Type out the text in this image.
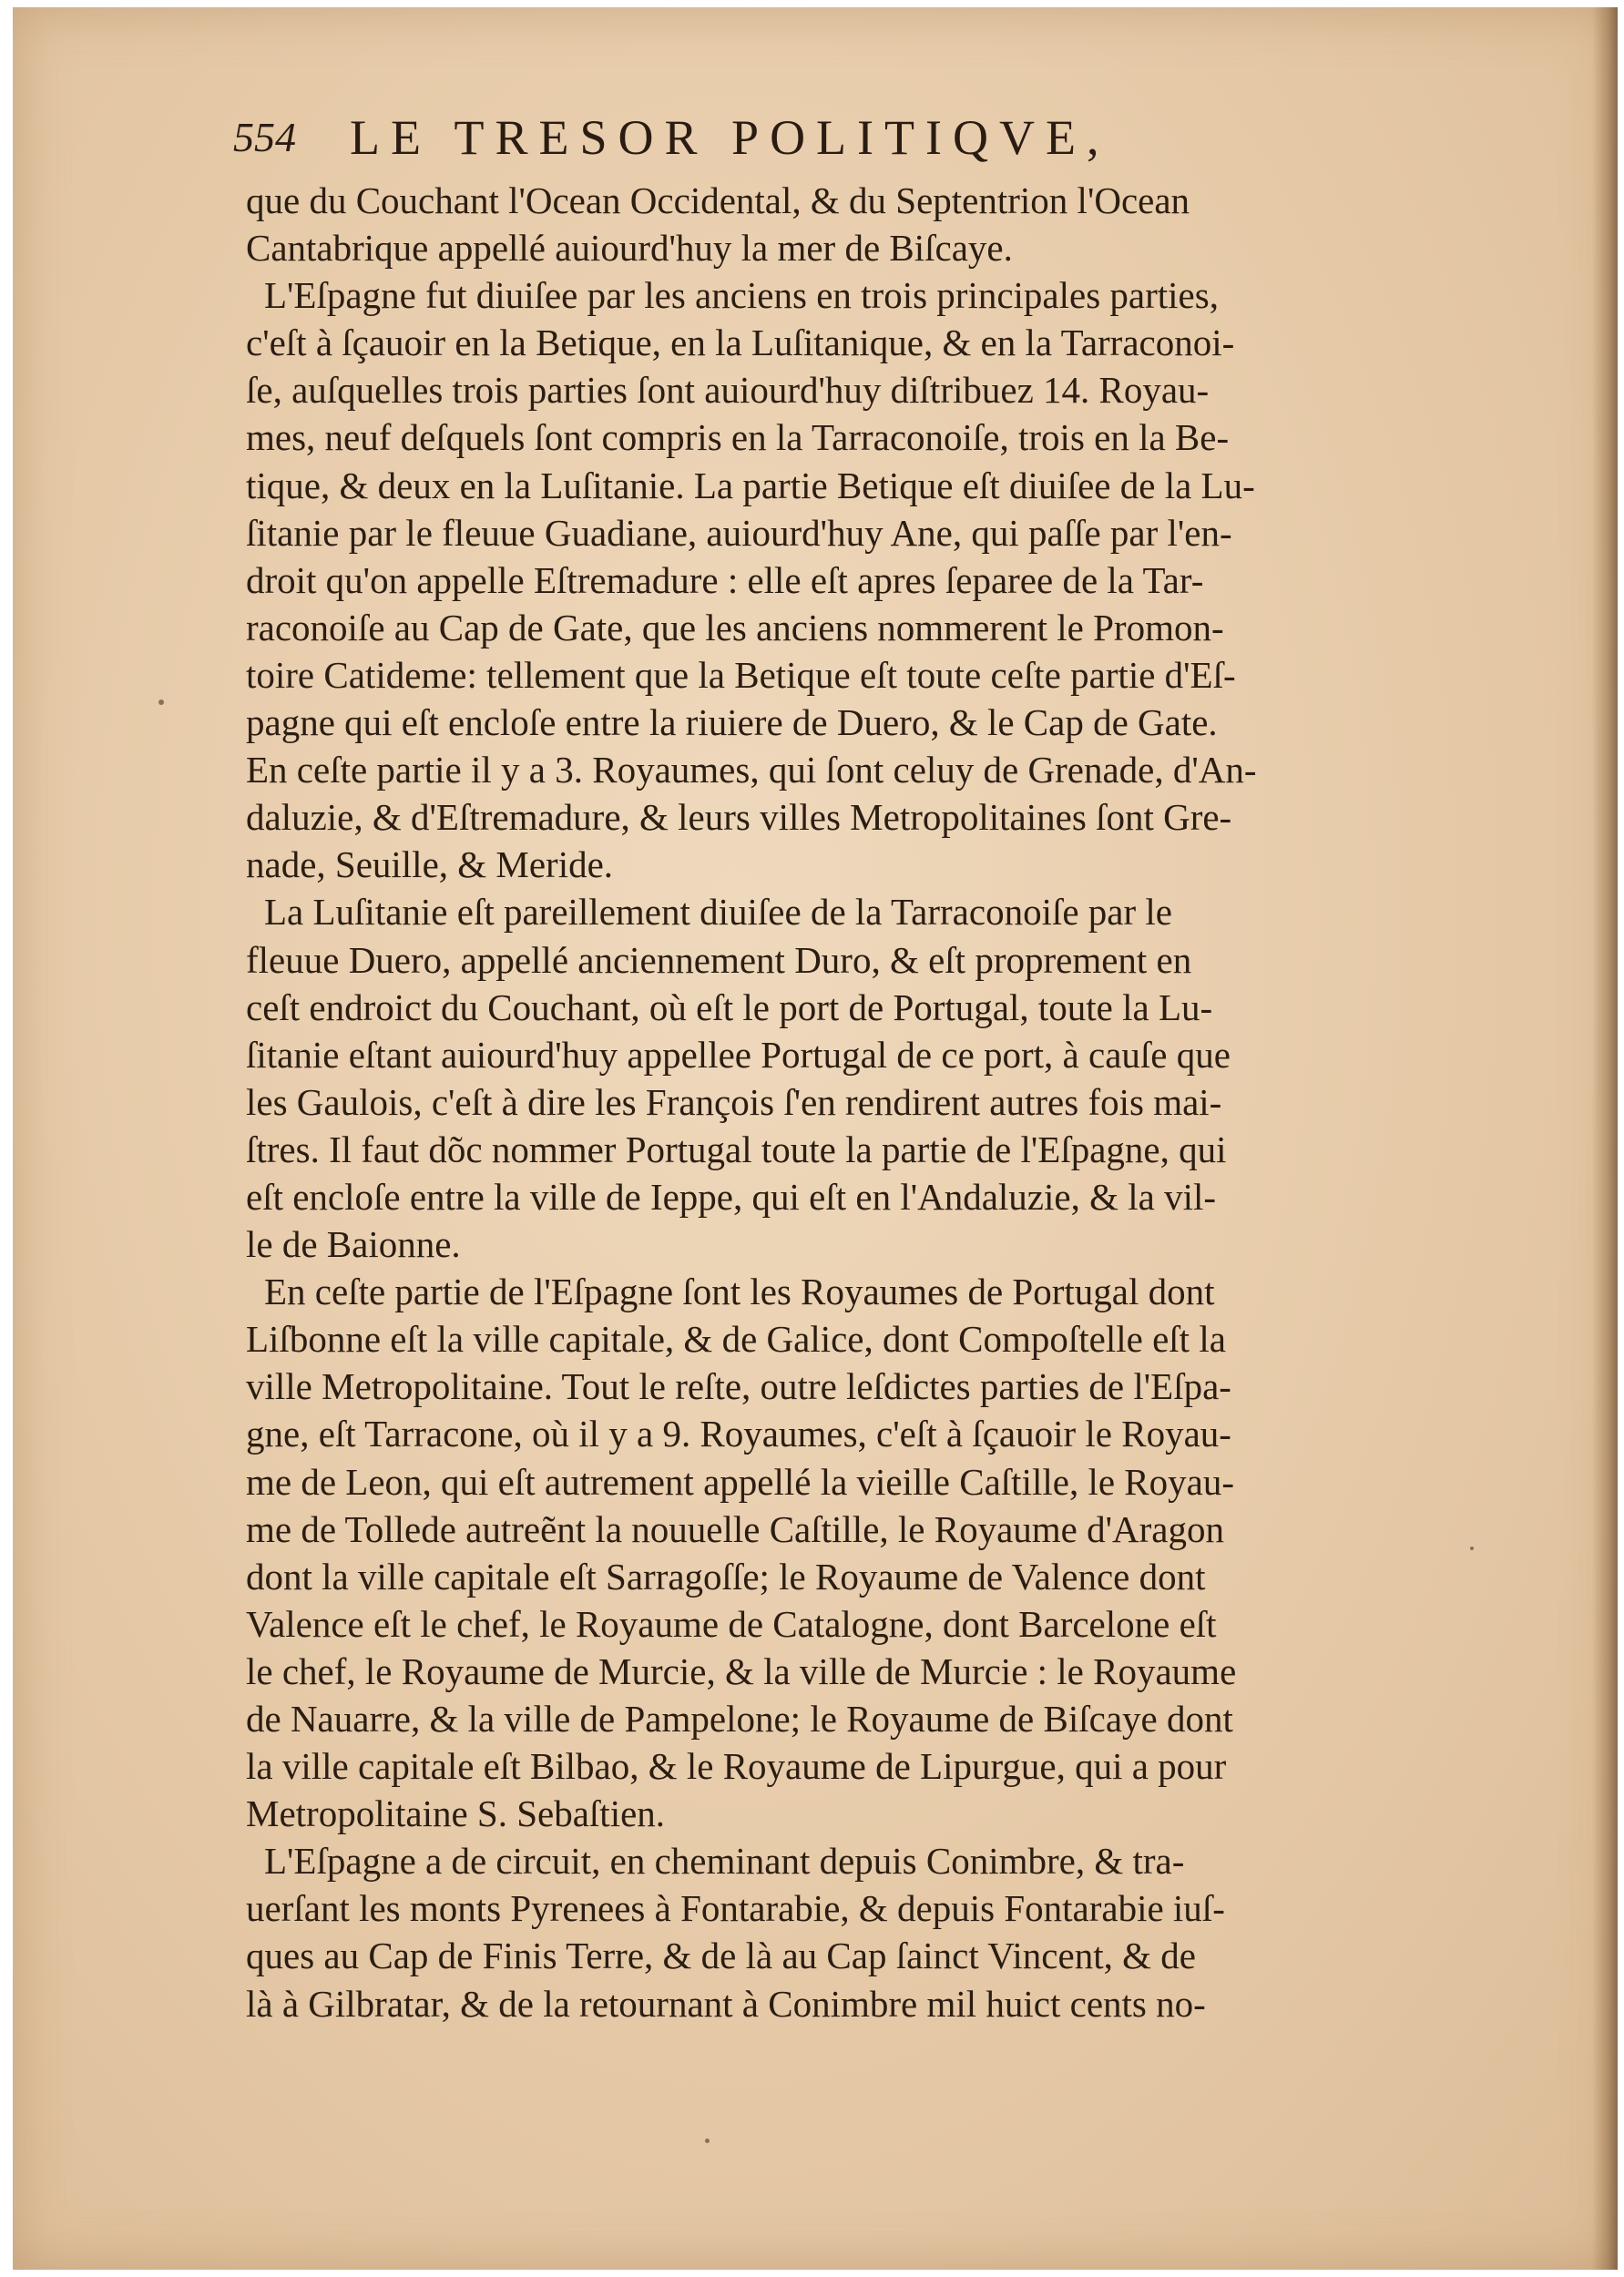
554 LE TRESOR POLITIQVE,
que du Couchant l'Ocean Occidental, & du Septentrion l'Ocean
Cantabrique appellé auiourd'huy la mer de Biſcaye.
L'Eſpagne fut diuiſee par les anciens en trois principales parties,
c'eſt à ſçauoir en la Betique, en la Luſitanique, & en la Tarraconoi-
ſe, auſquelles trois parties ſont auiourd'huy diſtribuez 14. Royau-
mes, neuf deſquels ſont compris en la Tarraconoiſe, trois en la Be-
tique, & deux en la Luſitanie. La partie Betique eſt diuiſee de la Lu-
ſitanie par le fleuue Guadiane, auiourd'huy Ane, qui paſſe par l'en-
droit qu'on appelle Eſtremadure : elle eſt apres ſeparee de la Tar-
raconoiſe au Cap de Gate, que les anciens nommerent le Promon-
toire Catideme: tellement que la Betique eſt toute ceſte partie d'Eſ-
pagne qui eſt encloſe entre la riuiere de Duero, & le Cap de Gate.
En ceſte partie il y a 3. Royaumes, qui ſont celuy de Grenade, d'An-
daluzie, & d'Eſtremadure, & leurs villes Metropolitaines ſont Gre-
nade, Seuille, & Meride.
La Luſitanie eſt pareillement diuiſee de la Tarraconoiſe par le
fleuue Duero, appellé anciennement Duro, & eſt proprement en
ceſt endroict du Couchant, où eſt le port de Portugal, toute la Lu-
ſitanie eſtant auiourd'huy appellee Portugal de ce port, à cauſe que
les Gaulois, c'eſt à dire les François ſ'en rendirent autres fois mai-
ſtres. Il faut dõc nommer Portugal toute la partie de l'Eſpagne, qui
eſt encloſe entre la ville de Ieppe, qui eſt en l'Andaluzie, & la vil-
le de Baionne.
En ceſte partie de l'Eſpagne ſont les Royaumes de Portugal dont
Liſbonne eſt la ville capitale, & de Galice, dont Compoſtelle eſt la
ville Metropolitaine. Tout le reſte, outre leſdictes parties de l'Eſpa-
gne, eſt Tarracone, où il y a 9. Royaumes, c'eſt à ſçauoir le Royau-
me de Leon, qui eſt autrement appellé la vieille Caſtille, le Royau-
me de Tollede autreẽnt la nouuelle Caſtille, le Royaume d'Aragon
dont la ville capitale eſt Sarragoſſe; le Royaume de Valence dont
Valence eſt le chef, le Royaume de Catalogne, dont Barcelone eſt
le chef, le Royaume de Murcie, & la ville de Murcie : le Royaume
de Nauarre, & la ville de Pampelone; le Royaume de Biſcaye dont
la ville capitale eſt Bilbao, & le Royaume de Lipurgue, qui a pour
Metropolitaine S. Sebaſtien.
L'Eſpagne a de circuit, en cheminant depuis Conimbre, & tra-
uerſant les monts Pyrenees à Fontarabie, & depuis Fontarabie iuſ-
ques au Cap de Finis Terre, & de là au Cap ſainct Vincent, & de
là à Gilbratar, & de la retournant à Conimbre mil huict cents no-
